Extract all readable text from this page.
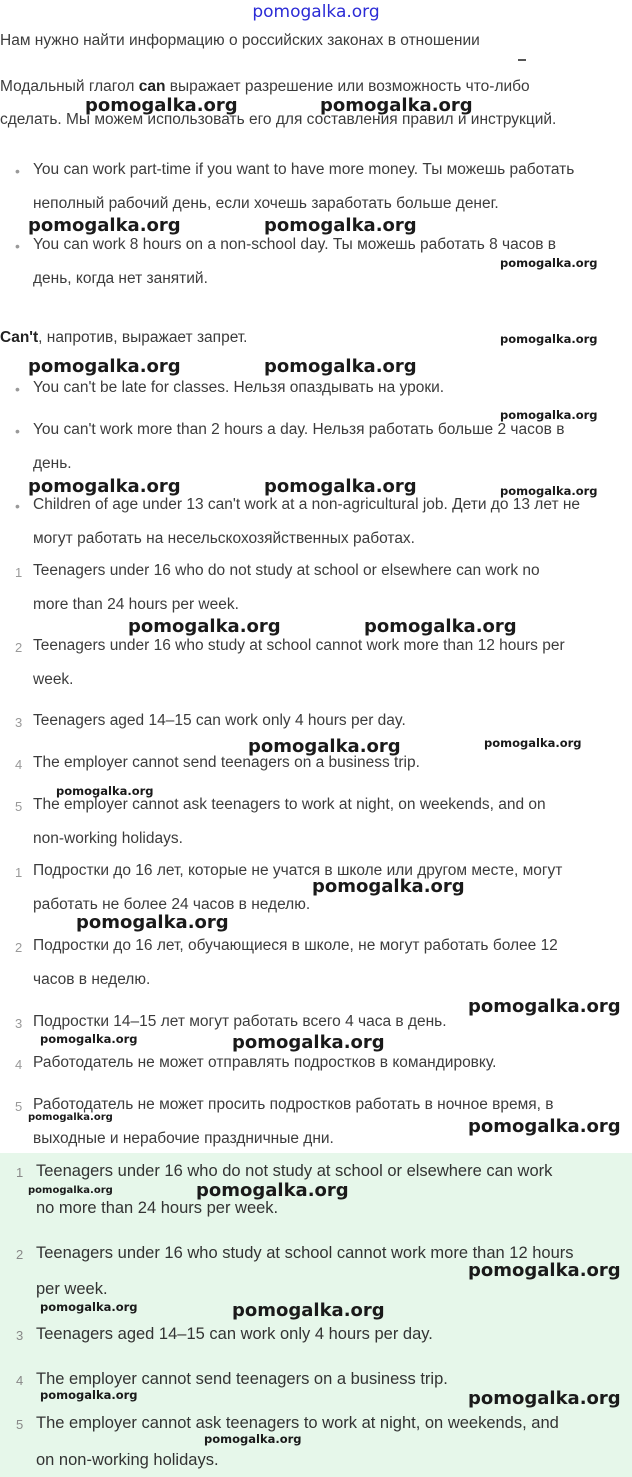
pomogalka.org
Нам нужно найти информацию о российских законах в отношении
Модальный глагол can выражает разрешение или возможность что-либо
сделать. Мы можем использовать его для составления правил и инструкций.
• You can work part-time if you want to have more money. Ты можешь работать
неполный рабочий день, если хочешь заработать больше денег.
• You can work 8 hours on a non-school day. Ты можешь работать 8 часов в
день, когда нет занятий.
Can't, напротив, выражает запрет.
• You can't be late for classes. Нельзя опаздывать на уроки.
• You can't work more than 2 hours a day. Нельзя работать больше 2 часов в
день.
• Children of age under 13 can't work at a non-agricultural job. Дети до 13 лет не
могут работать на несельскохозяйственных работах.
1 Teenagers under 16 who do not study at school or elsewhere can work no
more than 24 hours per week.
2 Teenagers under 16 who study at school cannot work more than 12 hours per
week.
3 Teenagers aged 14–15 can work only 4 hours per day.
4 The employer cannot send teenagers on a business trip.
5 The employer cannot ask teenagers to work at night, on weekends, and on
non-working holidays.
1 Подростки до 16 лет, которые не учатся в школе или другом месте, могут
работать не более 24 часов в неделю.
2 Подростки до 16 лет, обучающиеся в школе, не могут работать более 12
часов в неделю.
3 Подростки 14–15 лет могут работать всего 4 часа в день.
4 Работодатель не может отправлять подростков в командировку.
5 Работодатель не может просить подростков работать в ночное время, в
выходные и нерабочие праздничные дни.
1 Teenagers under 16 who do not study at school or elsewhere can work
no more than 24 hours per week.
2 Teenagers under 16 who study at school cannot work more than 12 hours
per week.
3 Teenagers aged 14–15 can work only 4 hours per day.
4 The employer cannot send teenagers on a business trip.
5 The employer cannot ask teenagers to work at night, on weekends, and
on non-working holidays.
pomogalka.org	pomogalka.org
pomogalka.org	pomogalka.org
pomogalka.org
pomogalka.org
pomogalka.org	pomogalka.org
pomogalka.org
pomogalka.org	pomogalka.org	pomogalka.org
pomogalka.org	pomogalka.org
pomogalka.org	pomogalka.org
pomogalka.org
pomogalka.org
pomogalka.org
pomogalka.org
pomogalka.org	pomogalka.org
pomogalka.org	pomogalka.org
pomogalka.org	pomogalka.org
pomogalka.org
pomogalka.org	pomogalka.org
pomogalka.org	pomogalka.org
pomogalka.org
